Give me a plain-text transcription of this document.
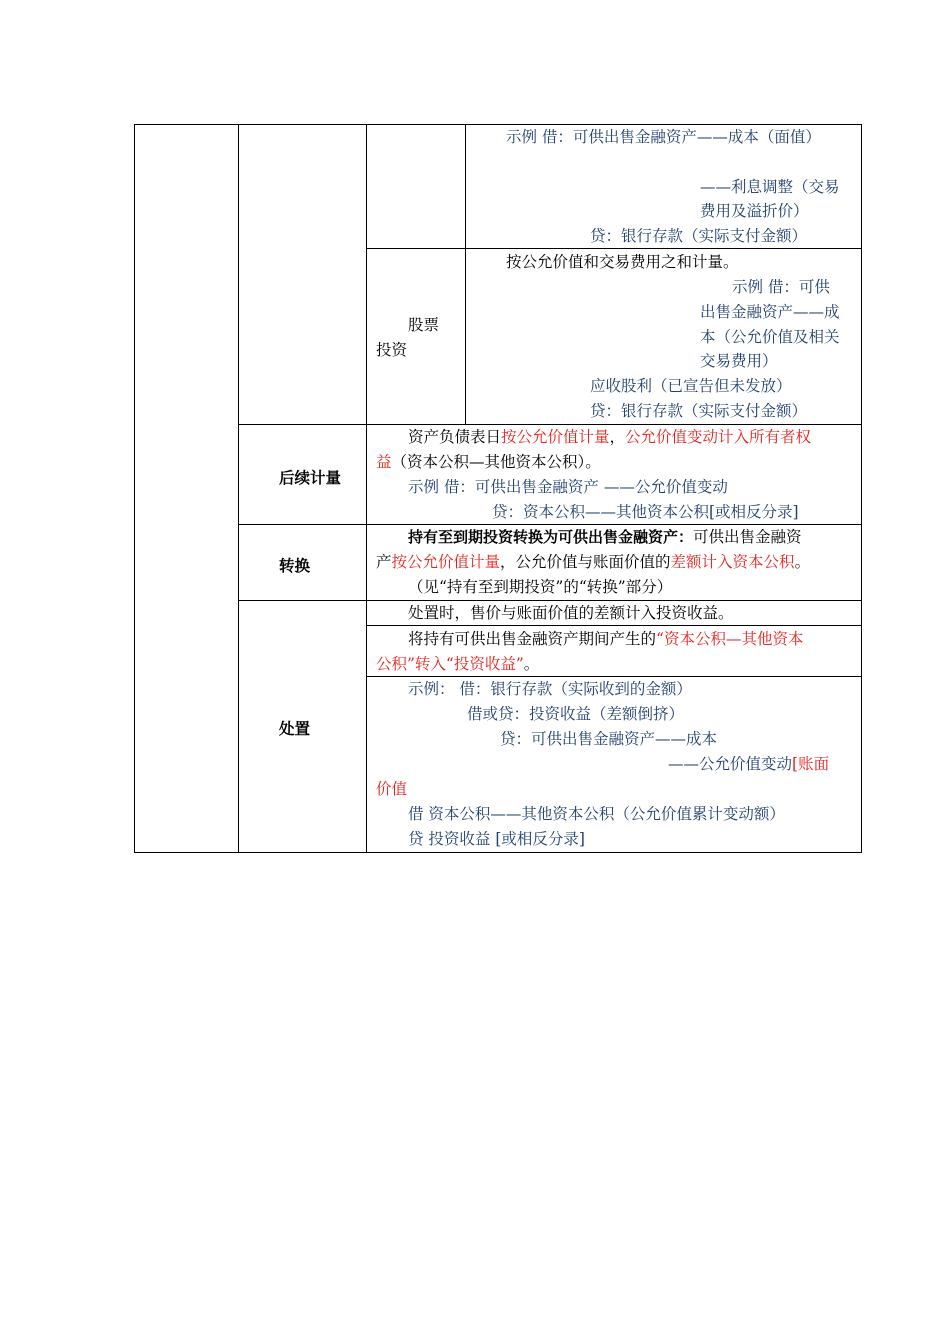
示例 借：可供出售金融资产——成本（面值）
——利息调整（交易
费用及溢折价）
贷：银行存款（实际支付金额）
股票
投资
按公允价值和交易费用之和计量。
示例 借：可供
出售金融资产——成
本（公允价值及相关
交易费用）
应收股利（已宣告但未发放）
贷：银行存款（实际支付金额）
后续计量
资产负债表日按公允价值计量，公允价值变动计入所有者权
益（资本公积—其他资本公积）。
示例 借：可供出售金融资产 ——公允价值变动
贷：资本公积——其他资本公积[或相反分录]
转换
持有至到期投资转换为可供出售金融资产：可供出售金融资
产按公允价值计量，公允价值与账面价值的差额计入资本公积。
（见“持有至到期投资”的“转换”部分）
处置
处置时，售价与账面价值的差额计入投资收益。
将持有可供出售金融资产期间产生的“资本公积—其他资本
公积”转入“投资收益”。
示例： 借：银行存款（实际收到的金额）
借或贷：投资收益（差额倒挤）
贷：可供出售金融资产——成本
——公允价值变动[账面
价值
借 资本公积——其他资本公积（公允价值累计变动额）
贷 投资收益 [或相反分录]
